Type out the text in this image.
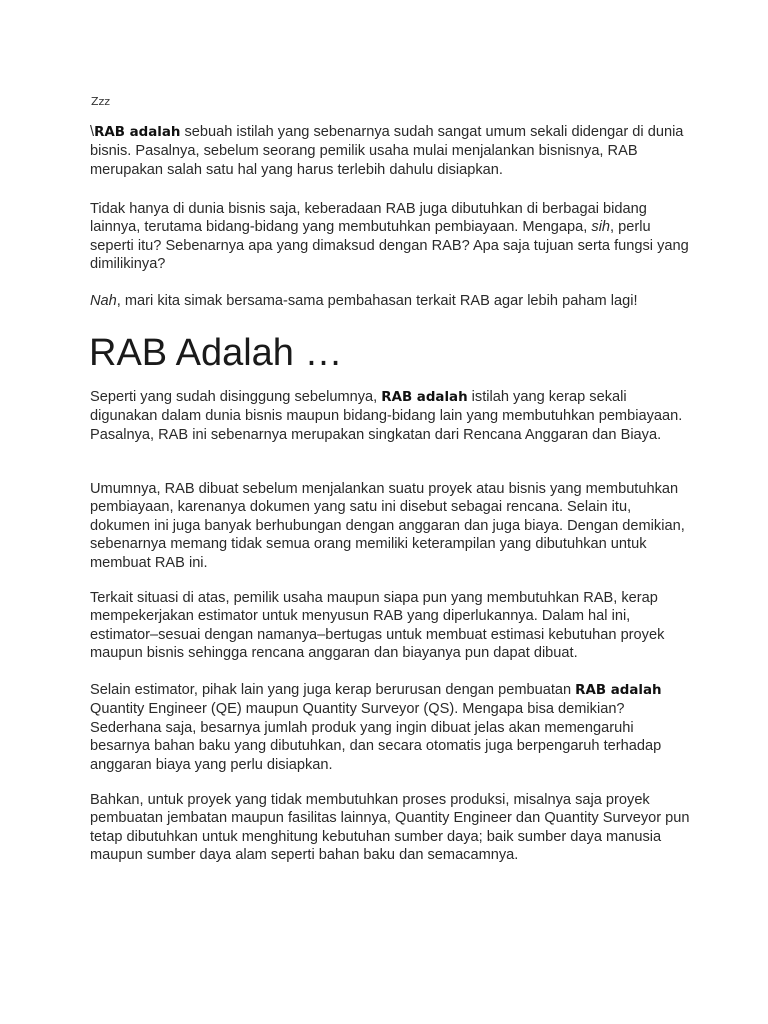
Zzz

\RAB adalah sebuah istilah yang sebenarnya sudah sangat umum sekali didengar di dunia bisnis. Pasalnya, sebelum seorang pemilik usaha mulai menjalankan bisnisnya, RAB merupakan salah satu hal yang harus terlebih dahulu disiapkan.

Tidak hanya di dunia bisnis saja, keberadaan RAB juga dibutuhkan di berbagai bidang lainnya, terutama bidang-bidang yang membutuhkan pembiayaan. Mengapa, sih, perlu seperti itu? Sebenarnya apa yang dimaksud dengan RAB? Apa saja tujuan serta fungsi yang dimilikinya?

Nah, mari kita simak bersama-sama pembahasan terkait RAB agar lebih paham lagi!

RAB Adalah …

Seperti yang sudah disinggung sebelumnya, RAB adalah istilah yang kerap sekali digunakan dalam dunia bisnis maupun bidang-bidang lain yang membutuhkan pembiayaan. Pasalnya, RAB ini sebenarnya merupakan singkatan dari Rencana Anggaran dan Biaya.

Umumnya, RAB dibuat sebelum menjalankan suatu proyek atau bisnis yang membutuhkan pembiayaan, karenanya dokumen yang satu ini disebut sebagai rencana. Selain itu, dokumen ini juga banyak berhubungan dengan anggaran dan juga biaya. Dengan demikian, sebenarnya memang tidak semua orang memiliki keterampilan yang dibutuhkan untuk membuat RAB ini.

Terkait situasi di atas, pemilik usaha maupun siapa pun yang membutuhkan RAB, kerap mempekerjakan estimator untuk menyusun RAB yang diperlukannya. Dalam hal ini, estimator–sesuai dengan namanya–bertugas untuk membuat estimasi kebutuhan proyek maupun bisnis sehingga rencana anggaran dan biayanya pun dapat dibuat.

Selain estimator, pihak lain yang juga kerap berurusan dengan pembuatan RAB adalah Quantity Engineer (QE) maupun Quantity Surveyor (QS). Mengapa bisa demikian? Sederhana saja, besarnya jumlah produk yang ingin dibuat jelas akan memengaruhi besarnya bahan baku yang dibutuhkan, dan secara otomatis juga berpengaruh terhadap anggaran biaya yang perlu disiapkan.

Bahkan, untuk proyek yang tidak membutuhkan proses produksi, misalnya saja proyek pembuatan jembatan maupun fasilitas lainnya, Quantity Engineer dan Quantity Surveyor pun tetap dibutuhkan untuk menghitung kebutuhan sumber daya; baik sumber daya manusia maupun sumber daya alam seperti bahan baku dan semacamnya.
